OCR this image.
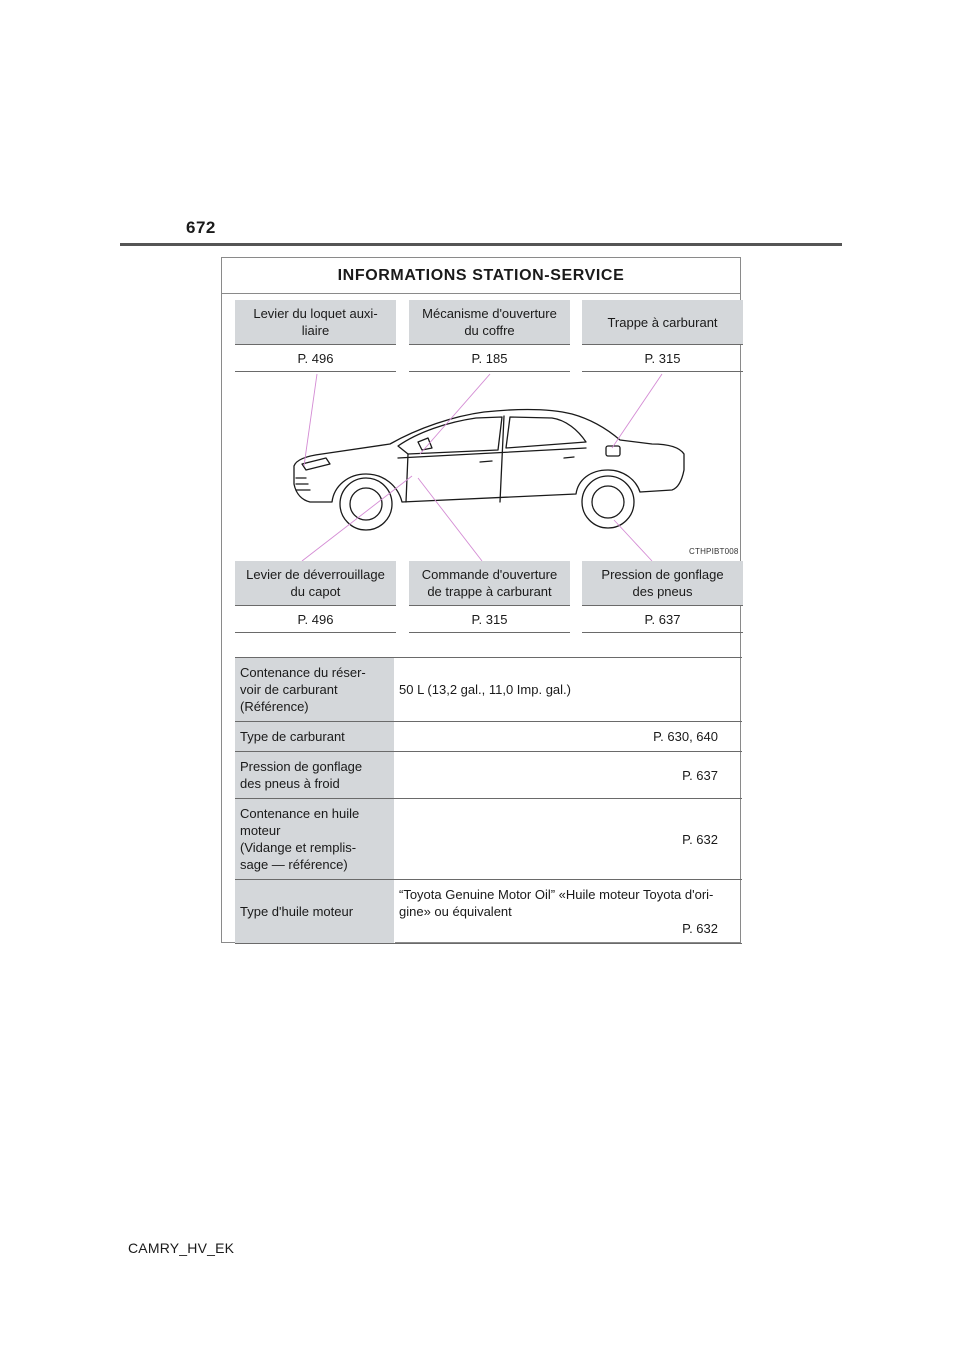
672
INFORMATIONS STATION-SERVICE
Levier du loquet auxi-
liaire
P. 496
Mécanisme d'ouverture
du coffre
P. 185
Trappe à carburant
P. 315
CTHPIBT008
Levier de déverrouillage
du capot
P. 496
Commande d'ouverture
de trappe à carburant
P. 315
Pression de gonflage
des pneus
P. 637
Contenance du réser-
voir de carburant
(Référence)
50 L (13,2 gal., 11,0 Imp. gal.)
Type de carburant	P. 630, 640
Pression de gonflage
des pneus à froid
P. 637
Contenance en huile
moteur
(Vidange et remplis-
sage — référence)
P. 632
Type d'huile moteur
“Toyota Genuine Motor Oil” «Huile moteur Toyota d'ori-
gine» ou équivalent
P. 632
CAMRY_HV_EK
